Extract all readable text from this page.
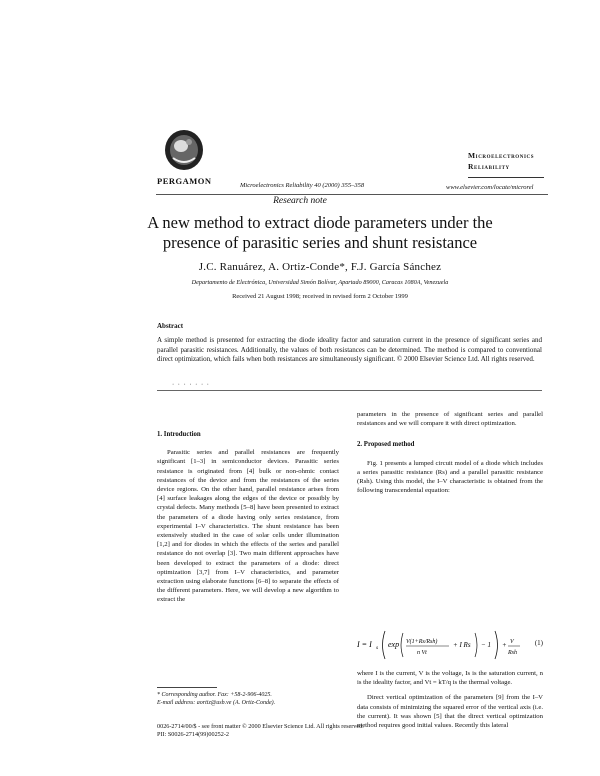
PERGAMON	Microelectronics Reliability 40 (2000) 355–358
Microelectronics
Reliability
www.elsevier.com/locate/microrel
Research note
A new method to extract diode parameters under the presence of parasitic series and shunt resistance
J.C. Ranuárez, A. Ortiz-Conde*, F.J. García Sánchez
Departamento de Electrónica, Universidad Simón Bolívar, Apartado 89000, Caracas 1080A, Venezuela
Received 21 August 1998; received in revised form 2 October 1999
Abstract
A simple method is presented for extracting the diode ideality factor and saturation current in the presence of significant series and parallel parasitic resistances. Additionally, the values of both resistances can be determined. The method is compared to conventional direct optimization, which fails when both resistances are simultaneously significant. © 2000 Elsevier Science Ltd. All rights reserved.
· · · · · · ·
1. Introduction

Parasitic series and parallel resistances are frequently significant [1–3] in semiconductor devices. Parasitic series resistance is originated from [4] bulk or non-ohmic contact resistances of the device and from the resistances of the series device regions. On the other hand, parallel resistance arises from [4] surface leakages along the edges of the device or possibly by crystal defects. Many methods [5–8] have been presented to extract the parameters of a diode having only series resistance, from experimental I–V characteristics. The shunt resistance has been extensively studied in the case of solar cells under illumination [1,2] and for diodes in which the effects of the series and parallel resistance do not overlap [3]. Two main different approaches have been developed to extract the parameters of a diode: direct optimization [3,7] from I–V characteristics, and parameter extraction using elaborate functions [6–8] to separate the effects of the different parameters. Here, we will develop a new algorithm to extract the

parameters in the presence of significant series and parallel resistances and we will compare it with direct optimization.

2. Proposed method

Fig. 1 presents a lumped circuit model of a diode which includes a series parasitic resistance (Rs) and a parallel parasitic resistance (Rsh). Using this model, the I–V characteristic is obtained from the following transcendental equation:

I = I s exp V(1+Rs/Rsh)
n Vt
+ I Rs − 1 + V
Rsh
(1)

where I is the current, V is the voltage, Is is the saturation current, n is the ideality factor, and Vt = kT/q is the thermal voltage.

Direct vertical optimization of the parameters [9] from the I–V data consists of minimizing the squared error of the vertical axis (i.e. the current). It was shown [5] that the direct vertical optimization method requires good initial values. Recently this lateral

* Corresponding author. Fax: +58-2-906-4025.
E-mail address: aortiz@usb.ve (A. Ortiz-Conde).
0026-2714/00/$ - see front matter © 2000 Elsevier Science Ltd. All rights reserved.
PII: S0026-2714(99)00252-2
